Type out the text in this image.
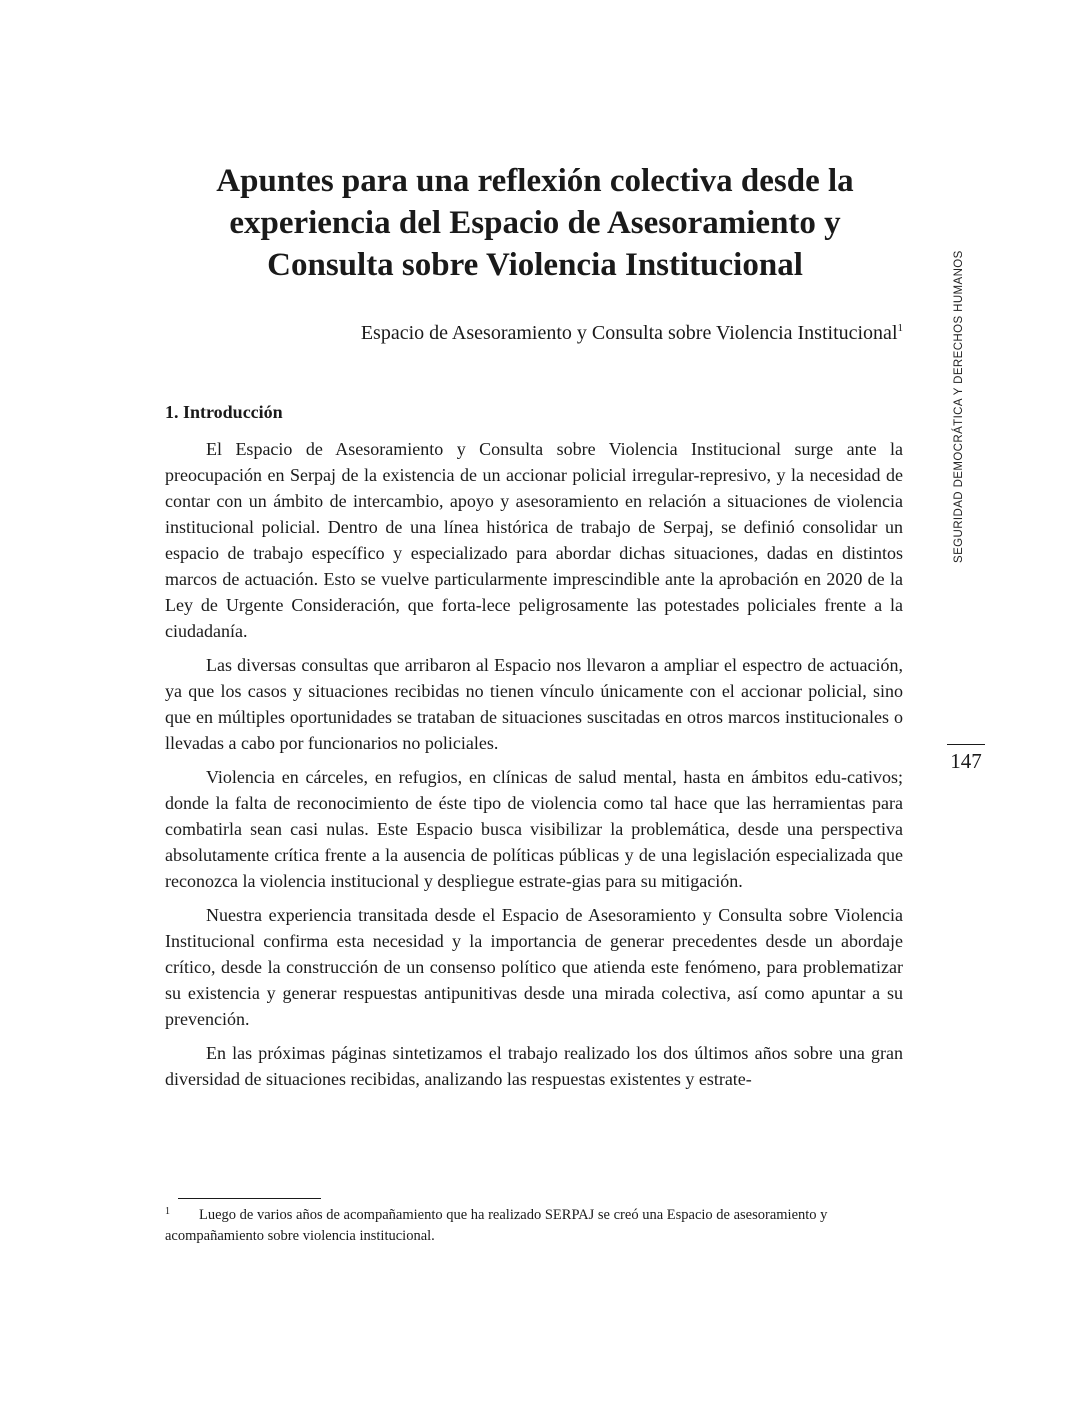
Apuntes para una reflexión colectiva desde la
experiencia del Espacio de Asesoramiento y
Consulta sobre Violencia Institucional
Espacio de Asesoramiento y Consulta sobre Violencia Institucional$^1$
1. Introducción

El Espacio de Asesoramiento y Consulta sobre Violencia Institucional surge ante la preocupación en Serpaj de la existencia de un accionar policial irregular-represivo, y la necesidad de contar con un ámbito de intercambio, apoyo y asesoramiento en relación a situaciones de violencia institucional policial. Dentro de una línea histórica de trabajo de Serpaj, se definió consolidar un espacio de trabajo específico y especializado para abordar dichas situaciones, dadas en distintos marcos de actuación. Esto se vuelve particularmente imprescindible ante la aprobación en 2020 de la Ley de Urgente Consideración, que forta-lece peligrosamente las potestades policiales frente a la ciudadanía.

Las diversas consultas que arribaron al Espacio nos llevaron a ampliar el espectro de actuación, ya que los casos y situaciones recibidas no tienen vínculo únicamente con el accionar policial, sino que en múltiples oportunidades se trataban de situaciones suscitadas en otros marcos institucionales o llevadas a cabo por funcionarios no policiales.

Violencia en cárceles, en refugios, en clínicas de salud mental, hasta en ámbitos edu-cativos; donde la falta de reconocimiento de éste tipo de violencia como tal hace que las herramientas para combatirla sean casi nulas. Este Espacio busca visibilizar la problemática, desde una perspectiva absolutamente crítica frente a la ausencia de políticas públicas y de una legislación especializada que reconozca la violencia institucional y despliegue estrate-gias para su mitigación.

Nuestra experiencia transitada desde el Espacio de Asesoramiento y Consulta sobre Violencia Institucional confirma esta necesidad y la importancia de generar precedentes desde un abordaje crítico, desde la construcción de un consenso político que atienda este fenómeno, para problematizar su existencia y generar respuestas antipunitivas desde una mirada colectiva, así como apuntar a su prevención.

En las próximas páginas sintetizamos el trabajo realizado los dos últimos años sobre una gran diversidad de situaciones recibidas, analizando las respuestas existentes y estrate-

SEGURIDAD DEMOCRÁTICA Y DERECHOS HUMANOS
147

1 Luego de varios años de acompañamiento que ha realizado SERPAJ se creó una Espacio de asesoramiento y acompañamiento sobre violencia institucional.
